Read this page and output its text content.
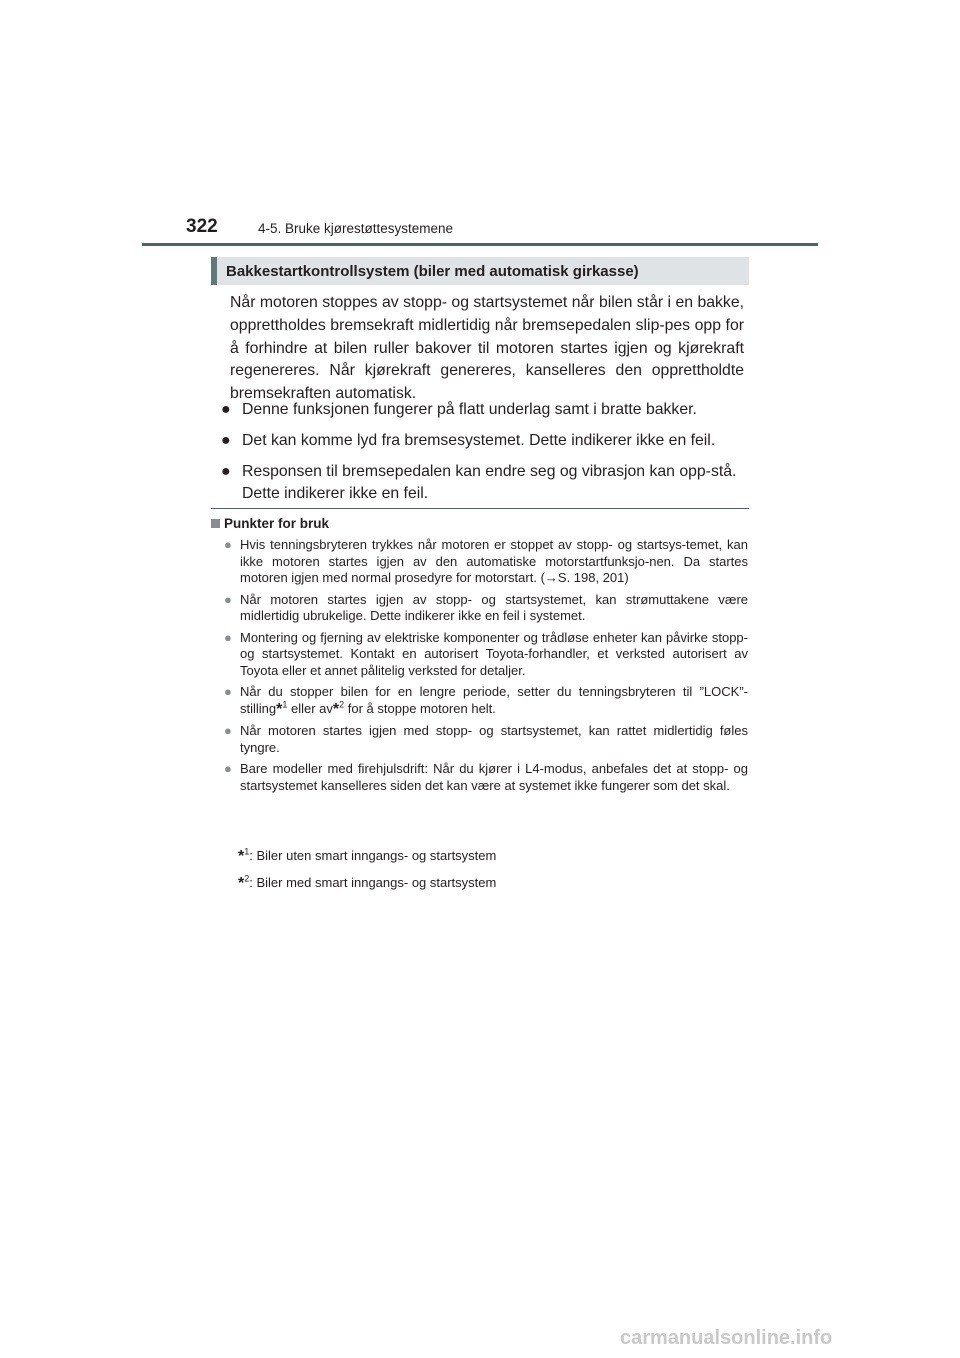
322	4-5. Bruke kjørestøttesystemene
Bakkestartkontrollsystem (biler med automatisk girkasse)

Når motoren stoppes av stopp- og startsystemet når bilen står i en bakke, opprettholdes bremsekraft midlertidig når bremsepedalen slip-pes opp for å forhindre at bilen ruller bakover til motoren startes igjen og kjørekraft regenereres. Når kjørekraft genereres, kanselleres den opprettholdte bremsekraften automatisk.

● Denne funksjonen fungerer på flatt underlag samt i bratte bakker.
● Det kan komme lyd fra bremsesystemet. Dette indikerer ikke en feil.
● Responsen til bremsepedalen kan endre seg og vibrasjon kan opp-stå. Dette indikerer ikke en feil.
Punkter for bruk
● Hvis tenningsbryteren trykkes når motoren er stoppet av stopp- og startsys-temet, kan ikke motoren startes igjen av den automatiske motorstartfunksjo-nen. Da startes motoren igjen med normal prosedyre for motorstart. (→S. 198, 201)
● Når motoren startes igjen av stopp- og startsystemet, kan strømuttakene være midlertidig ubrukelige. Dette indikerer ikke en feil i systemet.
● Montering og fjerning av elektriske komponenter og trådløse enheter kan påvirke stopp- og startsystemet. Kontakt en autorisert Toyota-forhandler, et verksted autorisert av Toyota eller et annet pålitelig verksted for detaljer.
● Når du stopper bilen for en lengre periode, setter du tenningsbryteren til ”LOCK”-stilling*$^1$ eller av*$^2$ for å stoppe motoren helt.
● Når motoren startes igjen med stopp- og startsystemet, kan rattet midlertidig føles tyngre.
● Bare modeller med firehjulsdrift: Når du kjører i L4-modus, anbefales det at stopp- og startsystemet kanselleres siden det kan være at systemet ikke fungerer som det skal.
*$^1$: Biler uten smart inngangs- og startsystem
*$^2$: Biler med smart inngangs- og startsystem
carmanualsonline.info
